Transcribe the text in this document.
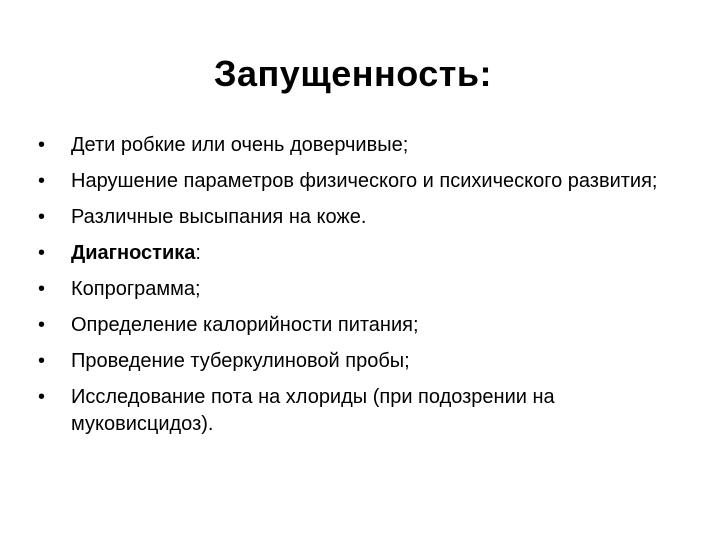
Запущенность:
• Дети робкие или очень доверчивые;
• Нарушение параметров физического и психического развития;
• Различные высыпания на коже.
• Диагностика:
• Копрограмма;
• Определение калорийности питания;
• Проведение туберкулиновой пробы;
• Исследование пота на хлориды (при подозрении на муковисцидоз).
